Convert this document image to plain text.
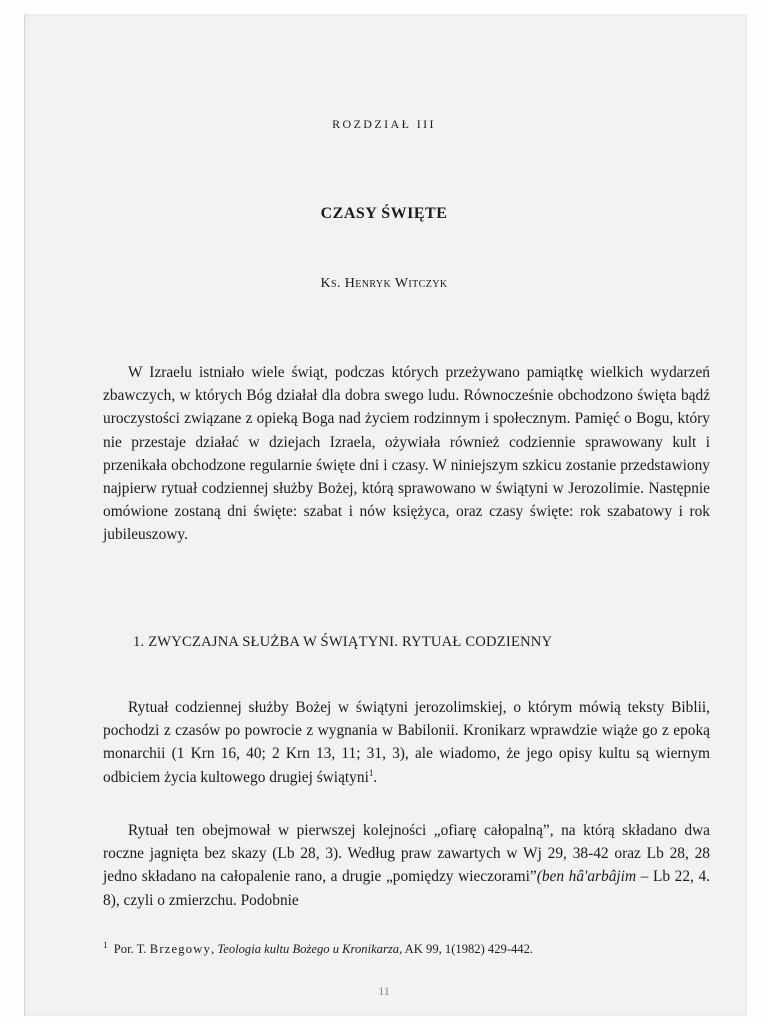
ROZDZIAŁ III
CZASY ŚWIĘTE
Ks. Henryk Witczyk

W Izraelu istniało wiele świąt, podczas których przeżywano pamiątkę wielkich wydarzeń zbawczych, w których Bóg działał dla dobra swego ludu. Równocześnie obchodzono święta bądź uroczystości związane z opieką Boga nad życiem rodzinnym i społecznym. Pamięć o Bogu, który nie przestaje działać w dziejach Izraela, ożywiała również codziennie sprawowany kult i przenikała obchodzone regularnie święte dni i czasy. W niniejszym szkicu zostanie przedstawiony najpierw rytuał codziennej służby Bożej, którą sprawowano w świątyni w Jerozolimie. Następnie omówione zostaną dni święte: szabat i nów księżyca, oraz czasy święte: rok szabatowy i rok jubileuszowy.

1. ZWYCZAJNA SŁUŻBA W ŚWIĄTYNI. RYTUAŁ CODZIENNY

Rytuał codziennej służby Bożej w świątyni jerozolimskiej, o którym mówią teksty Biblii, pochodzi z czasów po powrocie z wygnania w Babilonii. Kronikarz wprawdzie wiąże go z epoką monarchii (1 Krn 16, 40; 2 Krn 13, 11; 31, 3), ale wiadomo, że jego opisy kultu są wiernym odbiciem życia kultowego drugiej świątyni$^1$.

Rytuał ten obejmował w pierwszej kolejności „ofiarę całopalną”, na którą składano dwa roczne jagnięta bez skazy (Lb 28, 3). Według praw zawartych w Wj 29, 38-42 oraz Lb 28, 28 jedno składano na całopalenie rano, a drugie „pomiędzy wieczorami”(ben hâ'arbâjim – Lb 22, 4. 8), czyli o zmierzchu. Podobnie

$^1$ Por. T. Brzegowy, Teologia kultu Bożego u Kronikarza, AK 99, 1(1982) 429-442.
11
